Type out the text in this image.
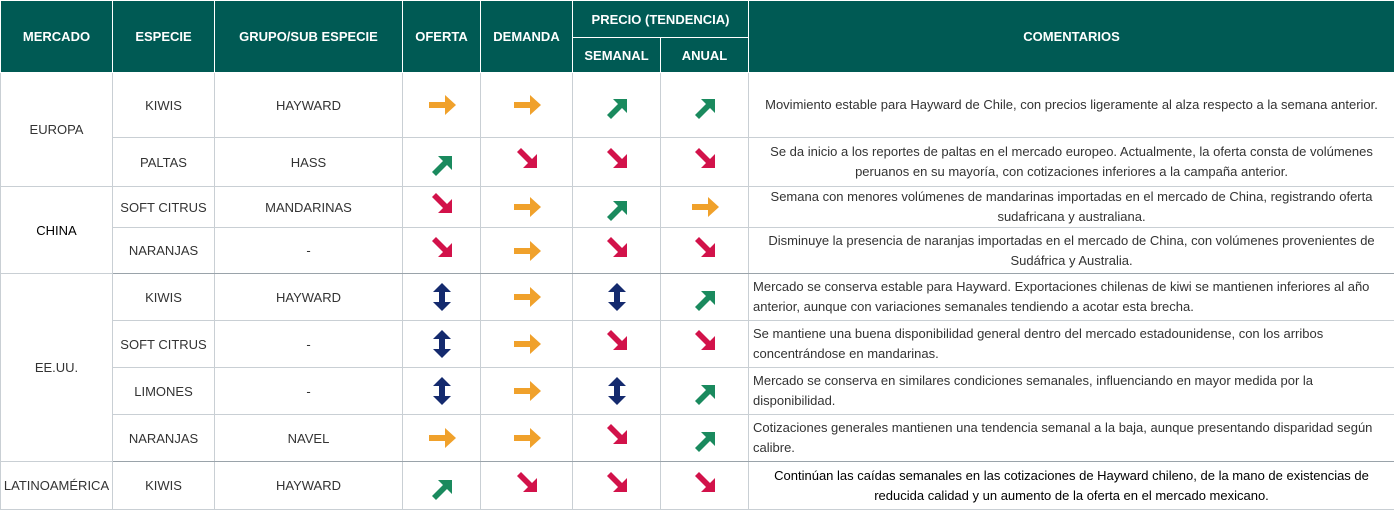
MERCADO	ESPECIE	GRUPO/SUB ESPECIE	OFERTA	DEMANDA	PRECIO (TENDENCIA)		COMENTARIOS
					SEMANAL	ANUAL	
EUROPA	KIWIS	HAYWARD					Movimiento estable para Hayward de Chile, con precios ligeramente al alza respecto a la semana anterior.
	PALTAS	HASS					Se da inicio a los reportes de paltas en el mercado europeo. Actualmente, la oferta consta de volúmenes peruanos en su mayoría, con cotizaciones inferiores a la campaña anterior.
CHINA	SOFT CITRUS	MANDARINAS					Semana con menores volúmenes de mandarinas importadas en el mercado de China, registrando oferta sudafricana y australiana.
	NARANJAS	-					Disminuye la presencia de naranjas importadas en el mercado de China, con volúmenes provenientes de Sudáfrica y Australia.
EE.UU.	KIWIS	HAYWARD					Mercado se conserva estable para Hayward. Exportaciones chilenas de kiwi se mantienen inferiores al año anterior, aunque con variaciones semanales tendiendo a acotar esta brecha.
	SOFT CITRUS	-					Se mantiene una buena disponibilidad general dentro del mercado estadounidense, con los arribos concentrándose en mandarinas.
	LIMONES	-					Mercado se conserva en similares condiciones semanales, influenciando en mayor medida por la disponibilidad.
	NARANJAS	NAVEL					Cotizaciones generales mantienen una tendencia semanal a la baja, aunque presentando disparidad según calibre.
LATINOAMÉRICA	KIWIS	HAYWARD					Continúan las caídas semanales en las cotizaciones de Hayward chileno, de la mano de existencias de reducida calidad y un aumento de la oferta en el mercado mexicano.
